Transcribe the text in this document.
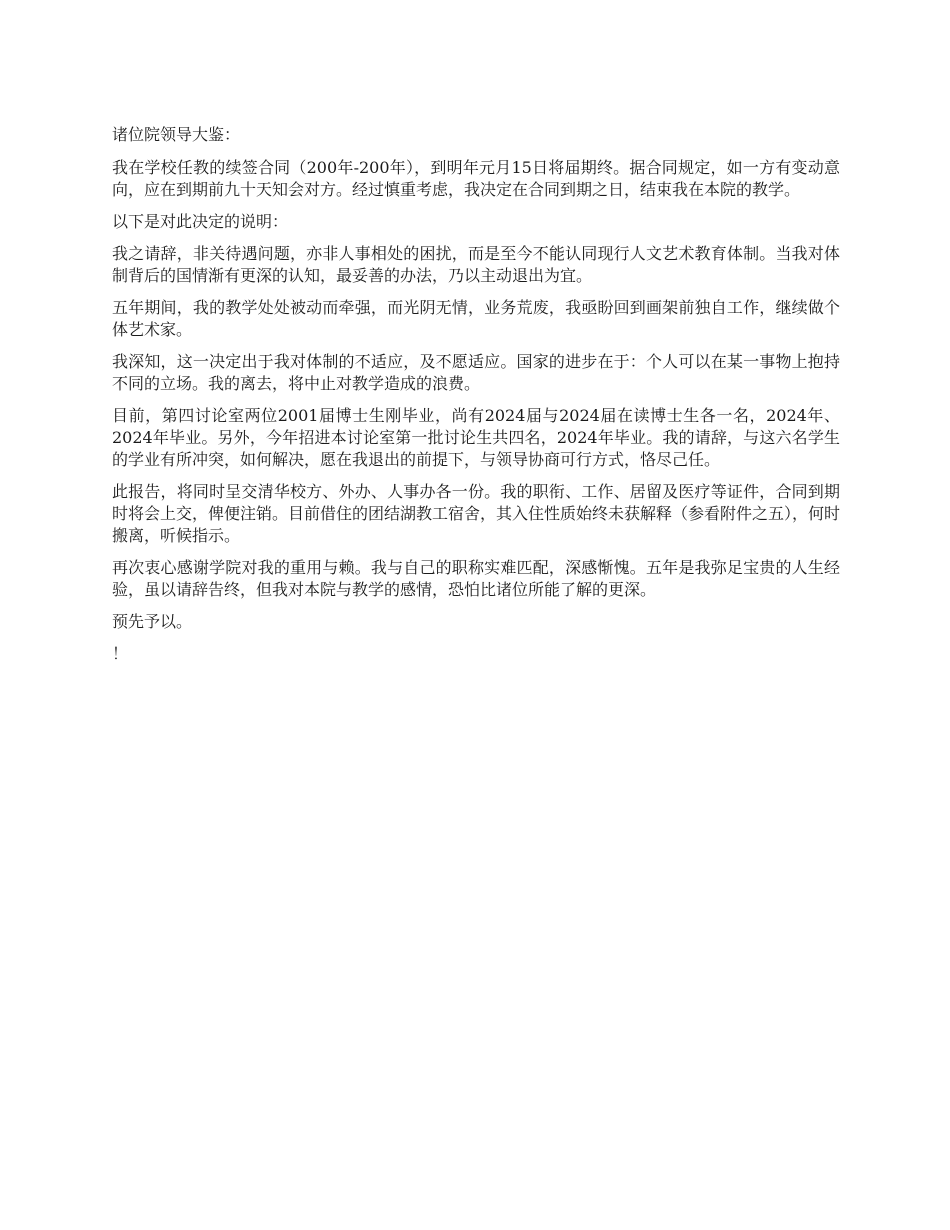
诸位院领导大鉴：

我在学校任教的续签合同（200年-200年），到明年元月15日将届期终。据合同规定，如一方有变动意向，应在到期前九十天知会对方。经过慎重考虑，我决定在合同到期之日，结束我在本院的教学。

以下是对此决定的说明：

我之请辞，非关待遇问题，亦非人事相处的困扰，而是至今不能认同现行人文艺术教育体制。当我对体制背后的国情渐有更深的认知，最妥善的办法，乃以主动退出为宜。

五年期间，我的教学处处被动而牵强，而光阴无情，业务荒废，我亟盼回到画架前独自工作，继续做个体艺术家。

我深知，这一决定出于我对体制的不适应，及不愿适应。国家的进步在于：个人可以在某一事物上抱持不同的立场。我的离去，将中止对教学造成的浪费。

目前，第四讨论室两位2001届博士生刚毕业，尚有2024届与2024届在读博士生各一名，2024年、2024年毕业。另外，今年招进本讨论室第一批讨论生共四名，2024年毕业。我的请辞，与这六名学生的学业有所冲突，如何解决，愿在我退出的前提下，与领导协商可行方式，恪尽己任。

此报告，将同时呈交清华校方、外办、人事办各一份。我的职衔、工作、居留及医疗等证件，合同到期时将会上交，俾便注销。目前借住的团结湖教工宿舍，其入住性质始终未获解释（参看附件之五），何时搬离，听候指示。

再次衷心感谢学院对我的重用与赖。我与自己的职称实难匹配，深感惭愧。五年是我弥足宝贵的人生经验，虽以请辞告终，但我对本院与教学的感情，恐怕比诸位所能了解的更深。

预先予以。

！
